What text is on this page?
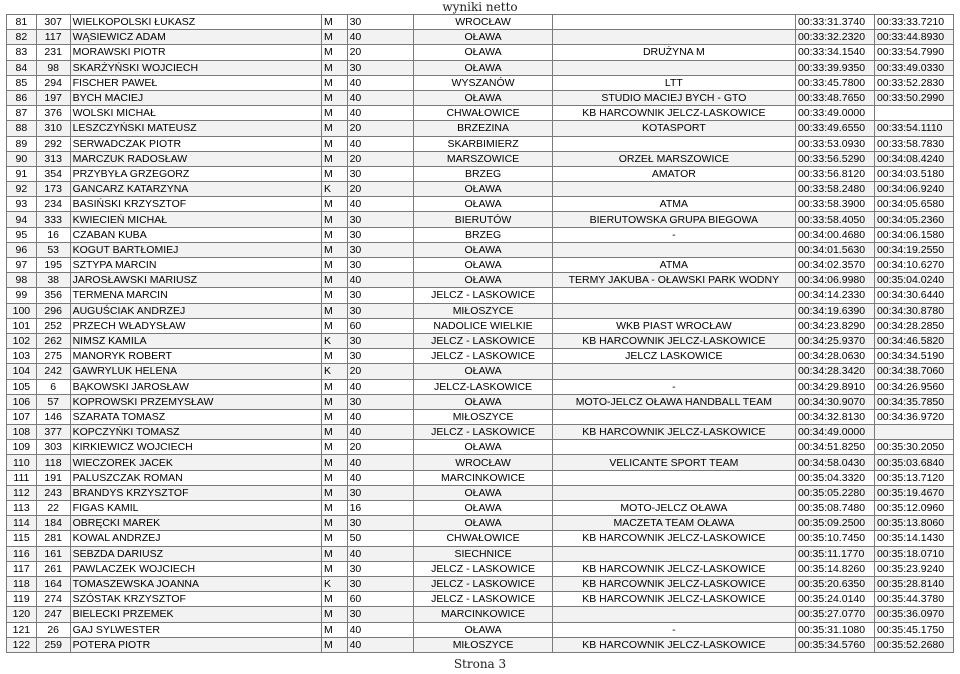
wyniki netto
81	307	WIELKOPOLSKI ŁUKASZ	M	30	WROCŁAW		00:33:31.3740	00:33:33.7210
82	117	WĄSIEWICZ ADAM	M	40	OŁAWA		00:33:32.2320	00:33:44.8930
83	231	MORAWSKI PIOTR	M	20	OŁAWA	DRUŻYNA M	00:33:34.1540	00:33:54.7990
84	98	SKARŻYŃSKI WOJCIECH	M	30	OŁAWA		00:33:39.9350	00:33:49.0330
85	294	FISCHER PAWEŁ	M	40	WYSZANÓW	LTT	00:33:45.7800	00:33:52.2830
86	197	BYCH MACIEJ	M	40	OŁAWA	STUDIO MACIEJ BYCH - GTO	00:33:48.7650	00:33:50.2990
87	376	WOLSKI MICHAŁ	M	40	CHWAŁOWICE	KB HARCOWNIK JELCZ-LASKOWICE	00:33:49.0000	
88	310	LESZCZYŃSKI MATEUSZ	M	20	BRZEZINA	KOTASPORT	00:33:49.6550	00:33:54.1110
89	292	SERWADCZAK PIOTR	M	40	SKARBIMIERZ		00:33:53.0930	00:33:58.7830
90	313	MARCZUK RADOSŁAW	M	20	MARSZOWICE	ORZEŁ MARSZOWICE	00:33:56.5290	00:34:08.4240
91	354	PRZYBYŁA GRZEGORZ	M	30	BRZEG	AMATOR	00:33:56.8120	00:34:03.5180
92	173	GANCARZ KATARZYNA	K	20	OŁAWA		00:33:58.2480	00:34:06.9240
93	234	BASIŃSKI KRZYSZTOF	M	40	OŁAWA	ATMA	00:33:58.3900	00:34:05.6580
94	333	KWIECIEŃ MICHAŁ	M	30	BIERUTÓW	BIERUTOWSKA GRUPA BIEGOWA	00:33:58.4050	00:34:05.2360
95	16	CZABAN KUBA	M	30	BRZEG	-	00:34:00.4680	00:34:06.1580
96	53	KOGUT BARTŁOMIEJ	M	30	OŁAWA		00:34:01.5630	00:34:19.2550
97	195	SZTYPA MARCIN	M	30	OŁAWA	ATMA	00:34:02.3570	00:34:10.6270
98	38	JAROSŁAWSKI MARIUSZ	M	40	OŁAWA	TERMY JAKUBA - OŁAWSKI PARK WODNY	00:34:06.9980	00:35:04.0240
99	356	TERMENA MARCIN	M	30	JELCZ - LASKOWICE		00:34:14.2330	00:34:30.6440
100	296	AUGUŚCIAK ANDRZEJ	M	30	MIŁOSZYCE		00:34:19.6390	00:34:30.8780
101	252	PRZECH WŁADYSŁAW	M	60	NADOLICE WIELKIE	WKB PIAST WROCŁAW	00:34:23.8290	00:34:28.2850
102	262	NIMSZ KAMILA	K	30	JELCZ - LASKOWICE	KB HARCOWNIK JELCZ-LASKOWICE	00:34:25.9370	00:34:46.5820
103	275	MANORYK ROBERT	M	30	JELCZ - LASKOWICE	JELCZ LASKOWICE	00:34:28.0630	00:34:34.5190
104	242	GAWRYLUK HELENA	K	20	OŁAWA		00:34:28.3420	00:34:38.7060
105	6	BĄKOWSKI JAROSŁAW	M	40	JELCZ-LASKOWICE	-	00:34:29.8910	00:34:26.9560
106	57	KOPROWSKI PRZEMYSŁAW	M	30	OŁAWA	MOTO-JELCZ OŁAWA HANDBALL TEAM	00:34:30.9070	00:34:35.7850
107	146	SZARATA TOMASZ	M	40	MIŁOSZYCE		00:34:32.8130	00:34:36.9720
108	377	KOPCZYŃKI TOMASZ	M	40	JELCZ - LASKOWICE	KB HARCOWNIK JELCZ-LASKOWICE	00:34:49.0000	
109	303	KIRKIEWICZ WOJCIECH	M	20	OŁAWA		00:34:51.8250	00:35:30.2050
110	118	WIECZOREK JACEK	M	40	WROCŁAW	VELICANTE SPORT TEAM	00:34:58.0430	00:35:03.6840
111	191	PALUSZCZAK ROMAN	M	40	MARCINKOWICE		00:35:04.3320	00:35:13.7120
112	243	BRANDYS KRZYSZTOF	M	30	OŁAWA		00:35:05.2280	00:35:19.4670
113	22	FIGAS KAMIL	M	16	OŁAWA	MOTO-JELCZ OŁAWA	00:35:08.7480	00:35:12.0960
114	184	OBRĘCKI MAREK	M	30	OŁAWA	MACZETA TEAM OŁAWA	00:35:09.2500	00:35:13.8060
115	281	KOWAL ANDRZEJ	M	50	CHWAŁOWICE	KB HARCOWNIK JELCZ-LASKOWICE	00:35:10.7450	00:35:14.1430
116	161	SEBZDA DARIUSZ	M	40	SIECHNICE		00:35:11.1770	00:35:18.0710
117	261	PAWLACZEK WOJCIECH	M	30	JELCZ - LASKOWICE	KB HARCOWNIK JELCZ-LASKOWICE	00:35:14.8260	00:35:23.9240
118	164	TOMASZEWSKA JOANNA	K	30	JELCZ - LASKOWICE	KB HARCOWNIK JELCZ-LASKOWICE	00:35:20.6350	00:35:28.8140
119	274	SZÓSTAK KRZYSZTOF	M	60	JELCZ - LASKOWICE	KB HARCOWNIK JELCZ-LASKOWICE	00:35:24.0140	00:35:44.3780
120	247	BIELECKI PRZEMEK	M	30	MARCINKOWICE		00:35:27.0770	00:35:36.0970
121	26	GAJ SYLWESTER	M	40	OŁAWA	-	00:35:31.1080	00:35:45.1750
122	259	POTERA PIOTR	M	40	MIŁOSZYCE	KB HARCOWNIK JELCZ-LASKOWICE	00:35:34.5760	00:35:52.2680
Strona 3
